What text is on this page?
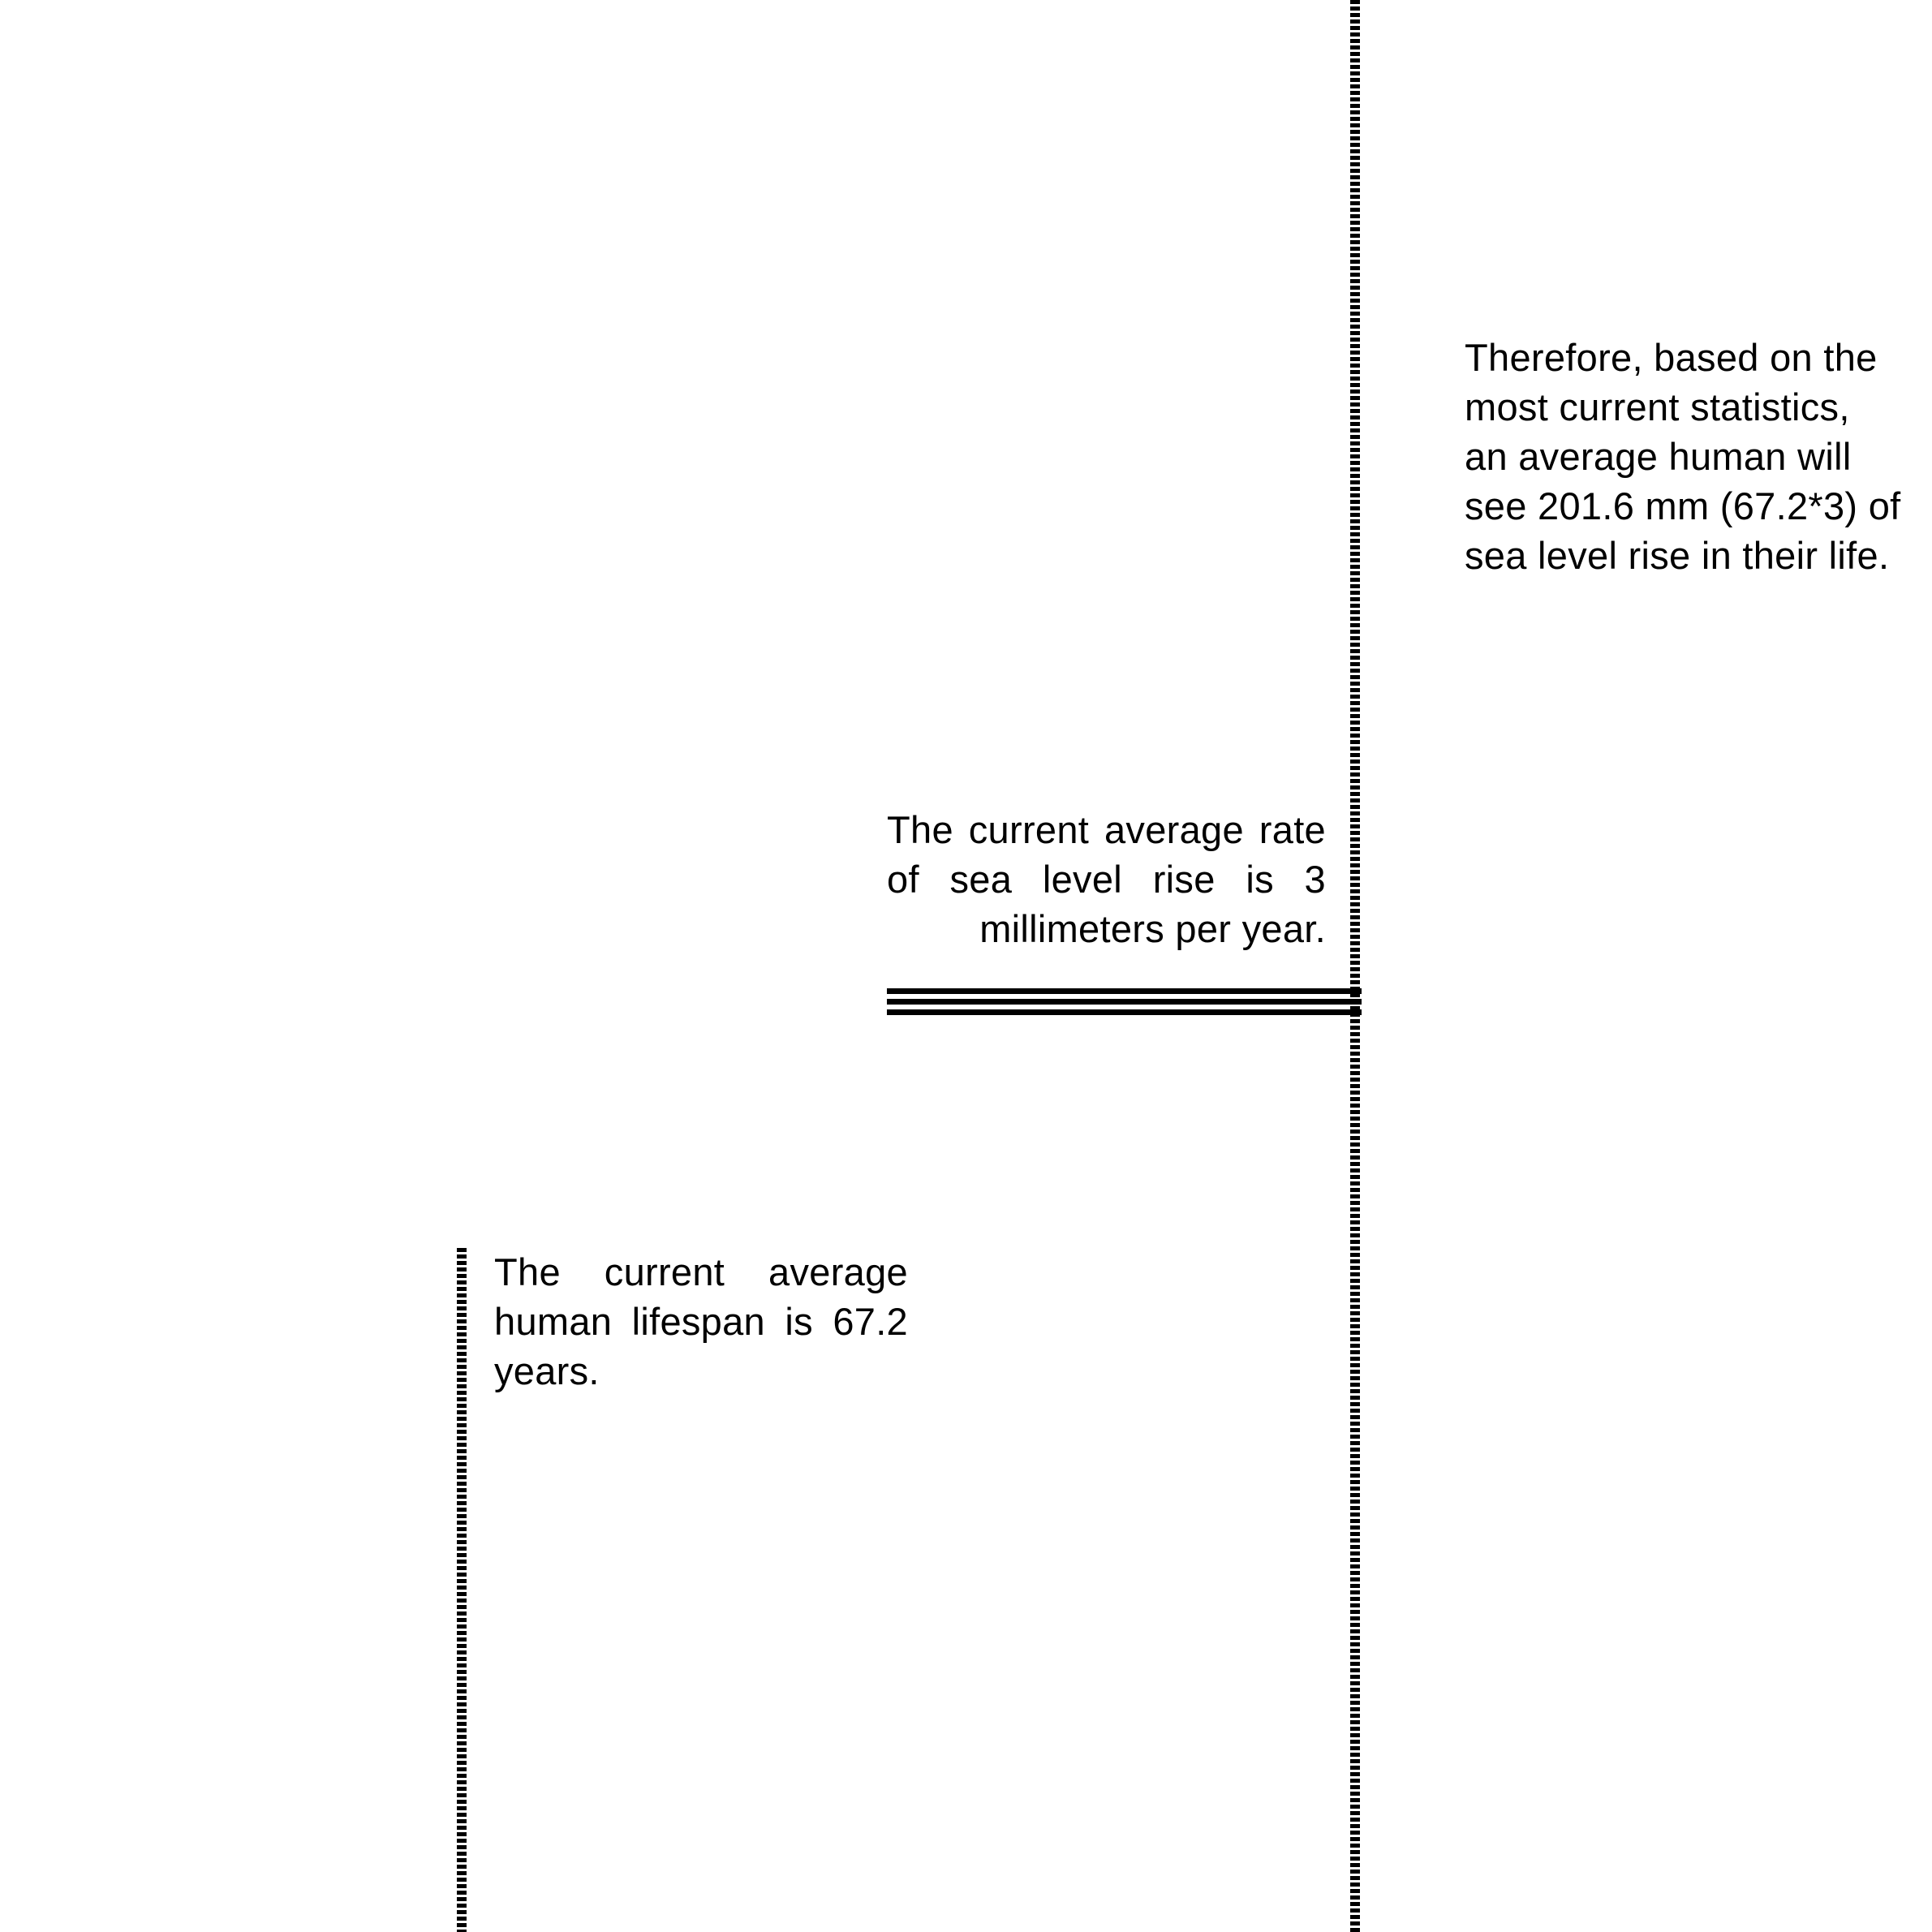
Therefore, based on the most current statistics, an average human will see 201.6 mm (67.2*3) of sea level rise in their life.
The current average rate of sea level rise is 3 millimeters per year.
The current average human lifespan is 67.2 years.
